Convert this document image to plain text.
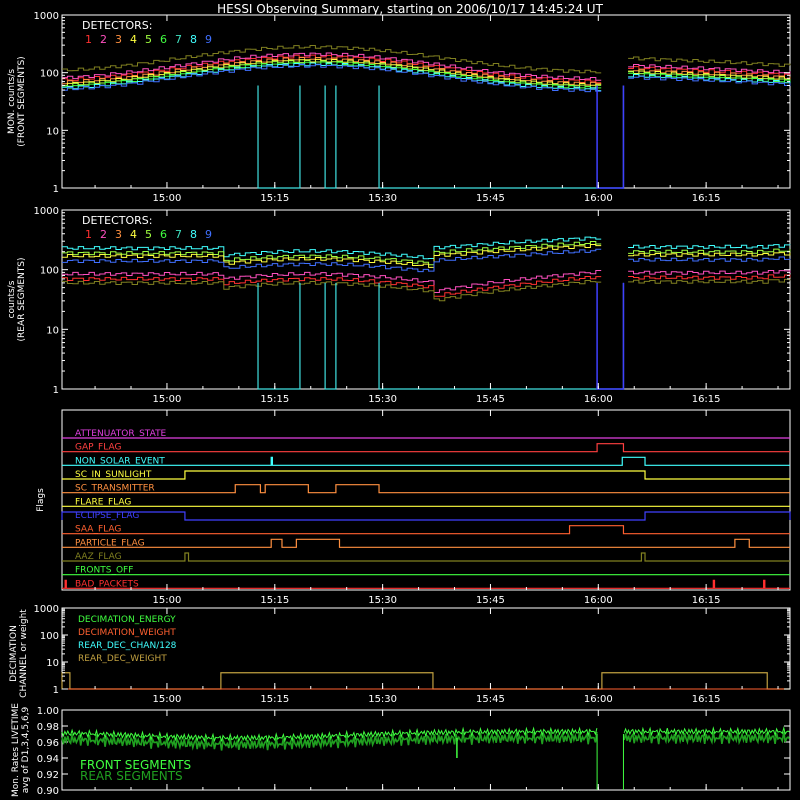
HESSI Observing Summary, starting on 2006/10/17 14:45:24 UT
1
10
100
1000
15:00	15:15	15:30	15:45	16:00	16:15
DETECTORS:
1 2 3 4 5 6 7 8 9
MON. counts/s (FRONT SEGMENTS)
1
10
100
1000
15:00	15:15	15:30	15:45	16:00	16:15
DETECTORS:
1 2 3 4 5 6 7 8 9
counts/s (REAR SEGMENTS)
ATTENUATOR_STATE
GAP_FLAG
NON_SOLAR_EVENT
SC_IN_SUNLIGHT
SC_TRANSMITTER
FLARE_FLAG
ECLIPSE_FLAG
SAA_FLAG
PARTICLE_FLAG
AAZ_FLAG
FRONTS_OFF
BAD_PACKETS
15:00	15:15	15:30	15:45	16:00	16:15
Flags
1
10
100
1000
DECIMATION_ENERGY
DECIMATION_WEIGHT
REAR_DEC_CHAN/128
REAR_DEC_WEIGHT
15:00	15:15	15:30	15:45	16:00	16:15
DECIMATION CHANNEL or weight
0.90
0.92
0.94
0.96
0.98
1.00
FRONT SEGMENTS
REAR SEGMENTS
Mon. Rates LIVETIME avg of D1,3,4,5,6,9
